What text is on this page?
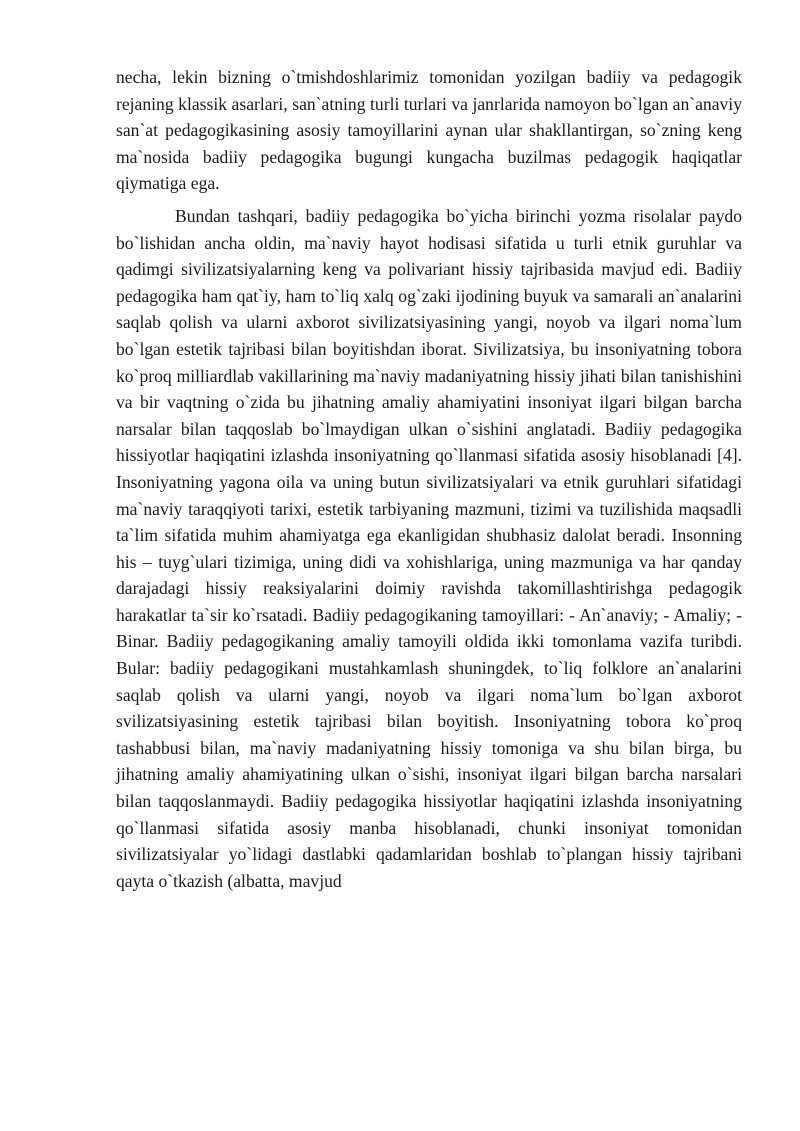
necha, lekin bizning o`tmishdoshlarimiz tomonidan yozilgan badiiy va pedagogik rejaning klassik asarlari, san`atning turli turlari va janrlarida namoyon bo`lgan an`anaviy san`at pedagogikasining asosiy tamoyillarini aynan ular shakllantirgan, so`zning keng ma`nosida badiiy pedagogika bugungi kungacha buzilmas pedagogik haqiqatlar qiymatiga ega.

Bundan tashqari, badiiy pedagogika bo`yicha birinchi yozma risolalar paydo bo`lishidan ancha oldin, ma`naviy hayot hodisasi sifatida u turli etnik guruhlar va qadimgi sivilizatsiyalarning keng va polivariant hissiy tajribasida mavjud edi. Badiiy pedagogika ham qat`iy, ham to`liq xalq og`zaki ijodining buyuk va samarali an`analarini saqlab qolish va ularni axborot sivilizatsiyasining yangi, noyob va ilgari noma`lum bo`lgan estetik tajribasi bilan boyitishdan iborat. Sivilizatsiya, bu insoniyatning tobora ko`proq milliardlab vakillarining ma`naviy madaniyatning hissiy jihati bilan tanishishini va bir vaqtning o`zida bu jihatning amaliy ahamiyatini insoniyat ilgari bilgan barcha narsalar bilan taqqoslab bo`lmaydigan ulkan o`sishini anglatadi. Badiiy pedagogika hissiyotlar haqiqatini izlashda insoniyatning qo`llanmasi sifatida asosiy hisoblanadi [4]. Insoniyatning yagona oila va uning butun sivilizatsiyalari va etnik guruhlari sifatidagi ma`naviy taraqqiyoti tarixi, estetik tarbiyaning mazmuni, tizimi va tuzilishida maqsadli ta`lim sifatida muhim ahamiyatga ega ekanligidan shubhasiz dalolat beradi. Insonning his – tuyg`ulari tizimiga, uning didi va xohishlariga, uning mazmuniga va har qanday darajadagi hissiy reaksiyalarini doimiy ravishda takomillashtirishga pedagogik harakatlar ta`sir ko`rsatadi. Badiiy pedagogikaning tamoyillari: - An`anaviy; - Amaliy; - Binar. Badiiy pedagogikaning amaliy tamoyili oldida ikki tomonlama vazifa turibdi. Bular: badiiy pedagogikani mustahkamlash shuningdek, to`liq folklore an`analarini saqlab qolish va ularni yangi, noyob va ilgari noma`lum bo`lgan axborot svilizatsiyasining estetik tajribasi bilan boyitish. Insoniyatning tobora ko`proq tashabbusi bilan, ma`naviy madaniyatning hissiy tomoniga va shu bilan birga, bu jihatning amaliy ahamiyatining ulkan o`sishi, insoniyat ilgari bilgan barcha narsalari bilan taqqoslanmaydi. Badiiy pedagogika hissiyotlar haqiqatini izlashda insoniyatning qo`llanmasi sifatida asosiy manba hisoblanadi, chunki insoniyat tomonidan sivilizatsiyalar yo`lidagi dastlabki qadamlaridan boshlab to`plangan hissiy tajribani qayta o`tkazish (albatta, mavjud
